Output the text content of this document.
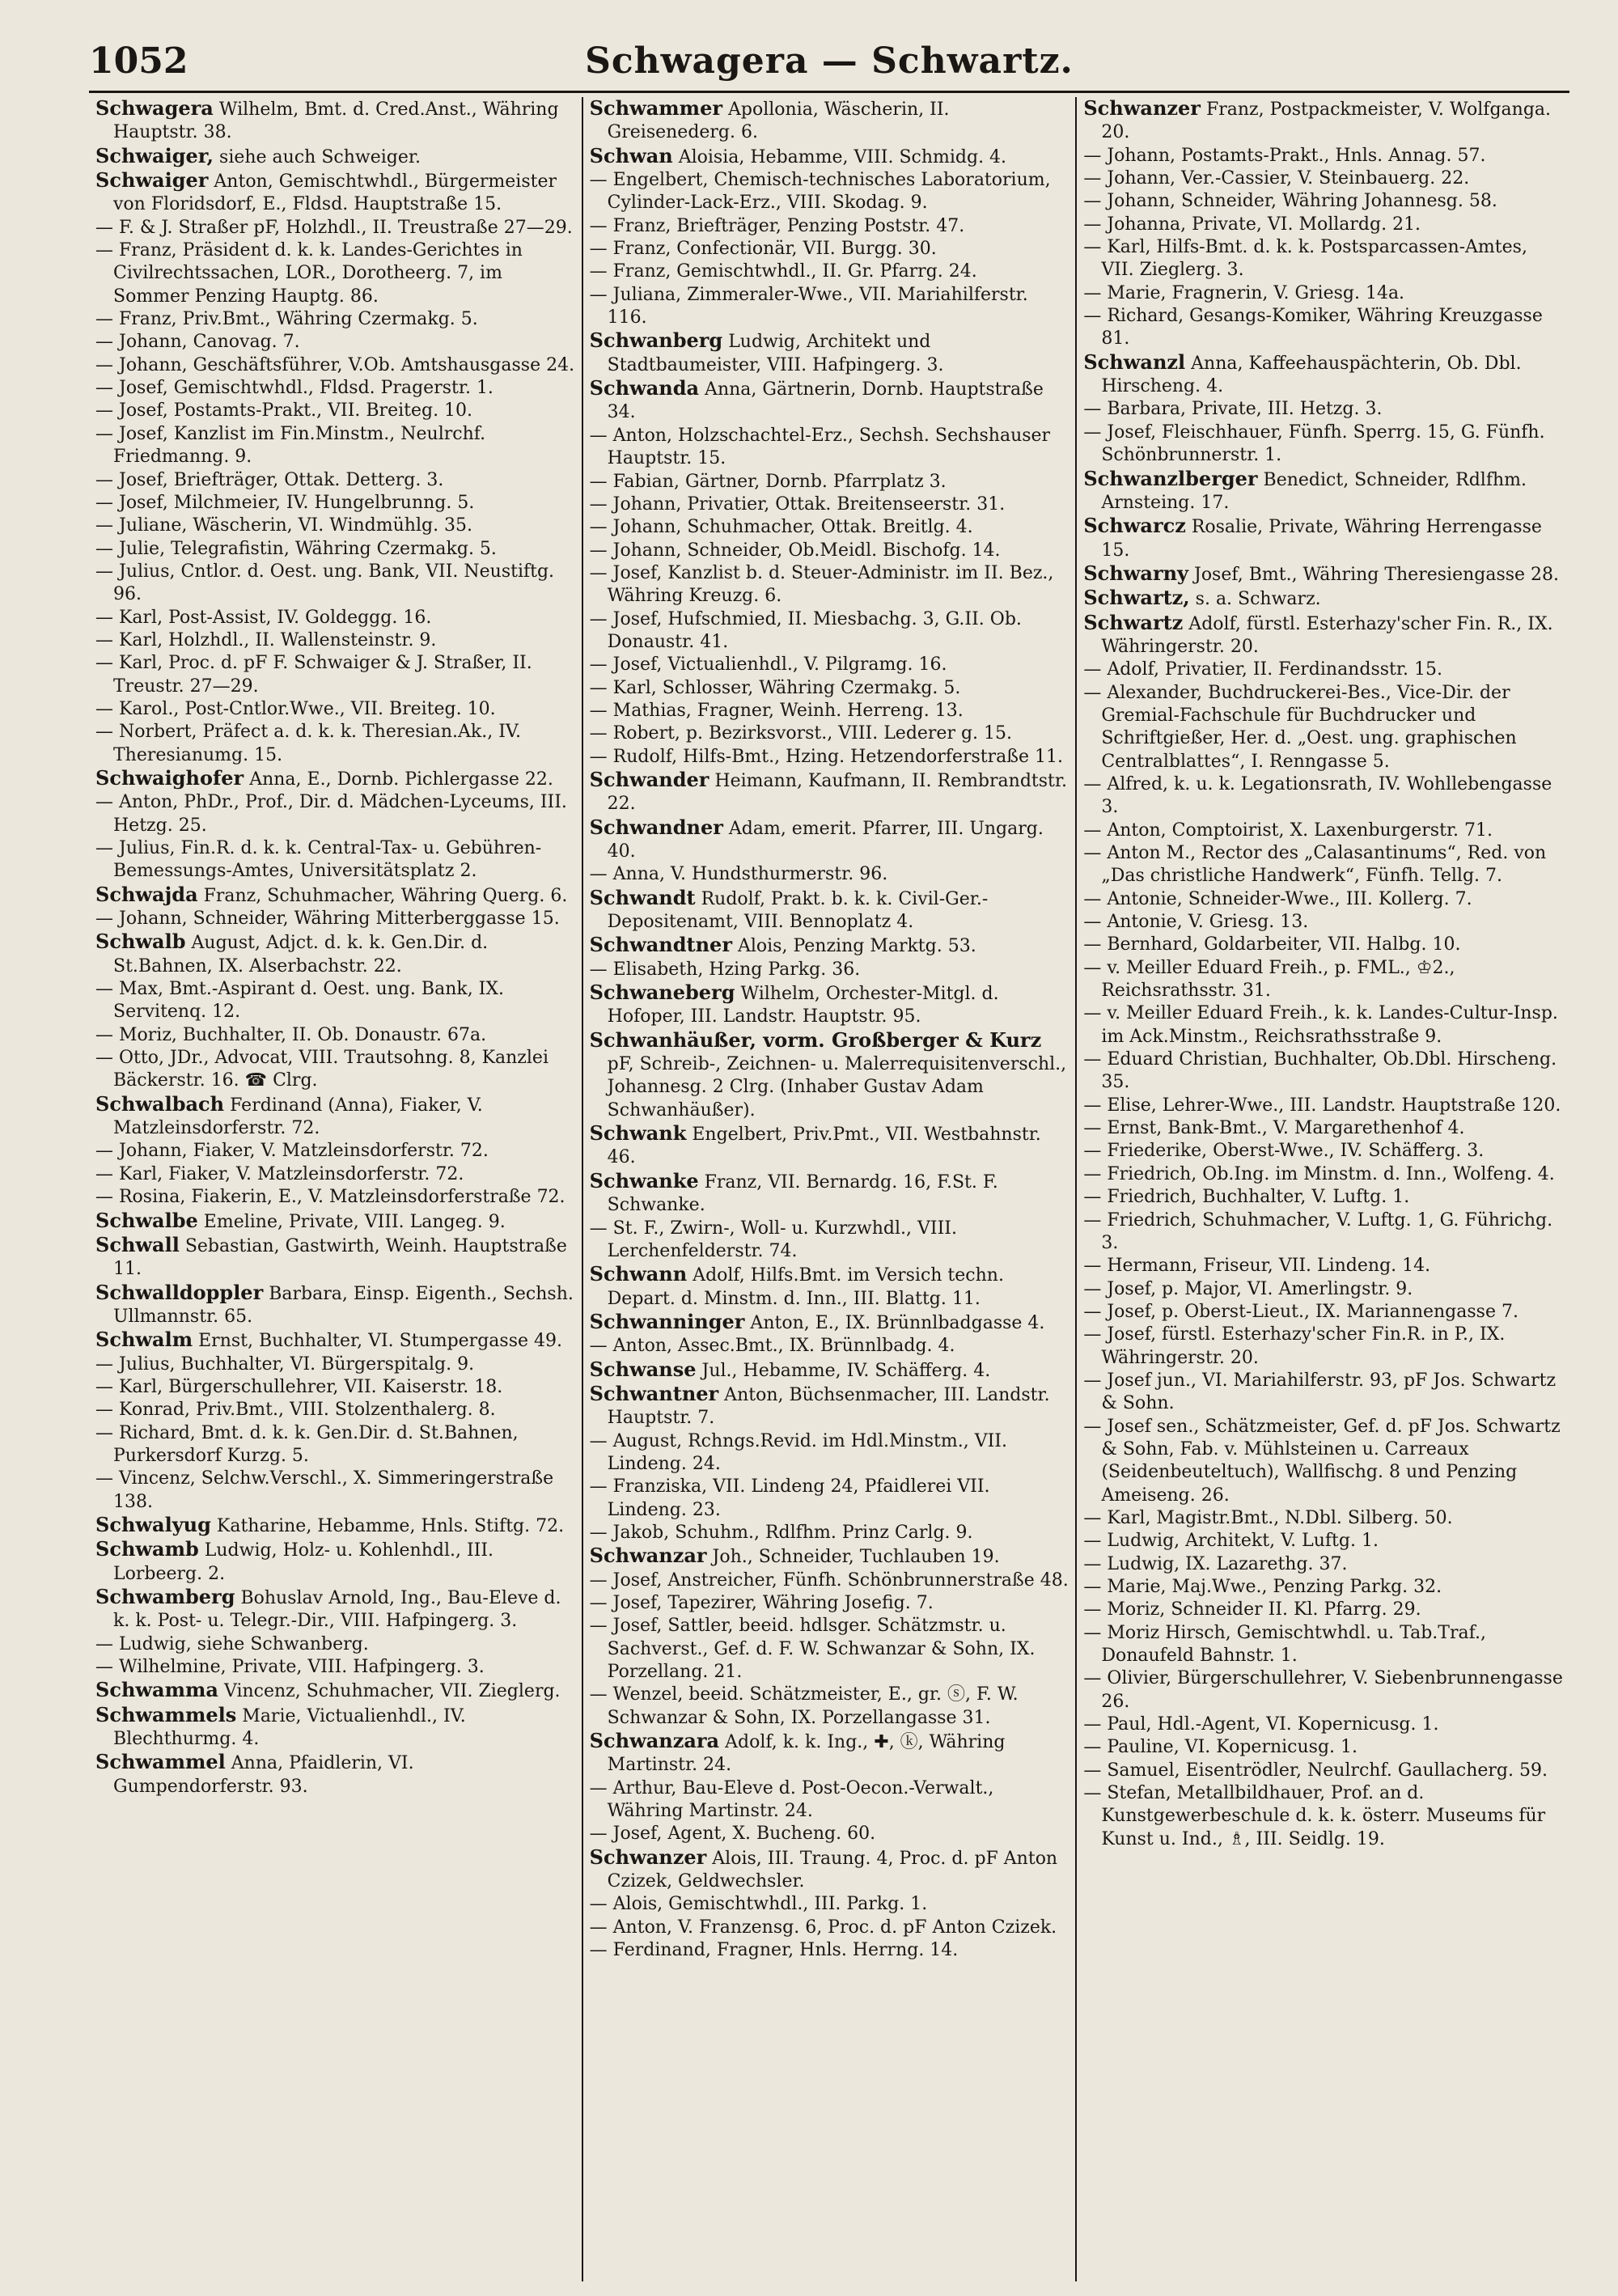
1052	Schwagera — Schwartz.

Schwagera Wilhelm, Bmt. d. Cred.Anst., Währing Hauptstr. 38.

Schwaiger, siehe auch Schweiger.

Schwaiger Anton, Gemischtwhdl., Bürgermeister von Floridsdorf, E., Fldsd. Hauptstraße 15.

— F. & J. Straßer pF, Holzhdl., II. Treustraße 27—29.

— Franz, Präsident d. k. k. Landes-Gerichtes in Civilrechtssachen, LOR., Dorotheerg. 7, im Sommer Penzing Hauptg. 86.

— Franz, Priv.Bmt., Währing Czermakg. 5.

— Johann, Canovag. 7.

— Johann, Geschäftsführer, V.Ob. Amtshausgasse 24.

— Josef, Gemischtwhdl., Fldsd. Pragerstr. 1.

— Josef, Postamts-Prakt., VII. Breiteg. 10.

— Josef, Kanzlist im Fin.Minstm., Neulrchf. Friedmanng. 9.

— Josef, Briefträger, Ottak. Detterg. 3.

— Josef, Milchmeier, IV. Hungelbrunng. 5.

— Juliane, Wäscherin, VI. Windmühlg. 35.

— Julie, Telegrafistin, Währing Czermakg. 5.

— Julius, Cntlor. d. Oest. ung. Bank, VII. Neustiftg. 96.

— Karl, Post-Assist, IV. Goldeggg. 16.

— Karl, Holzhdl., II. Wallensteinstr. 9.

— Karl, Proc. d. pF F. Schwaiger & J. Straßer, II. Treustr. 27—29.

— Karol., Post-Cntlor.Wwe., VII. Breiteg. 10.

— Norbert, Präfect a. d. k. k. Theresian.Ak., IV. Theresianumg. 15.

Schwaighofer Anna, E., Dornb. Pichlergasse 22.

— Anton, PhDr., Prof., Dir. d. Mädchen-Lyceums, III. Hetzg. 25.

— Julius, Fin.R. d. k. k. Central-Tax- u. Gebühren-Bemessungs-Amtes, Universitätsplatz 2.

Schwajda Franz, Schuhmacher, Währing Querg. 6.

— Johann, Schneider, Währing Mitterberggasse 15.

Schwalb August, Adjct. d. k. k. Gen.Dir. d. St.Bahnen, IX. Alserbachstr. 22.

— Max, Bmt.-Aspirant d. Oest. ung. Bank, IX. Servitenq. 12.

— Moriz, Buchhalter, II. Ob. Donaustr. 67a.

— Otto, JDr., Advocat, VIII. Trautsohng. 8, Kanzlei Bäckerstr. 16. ☎ Clrg.

Schwalbach Ferdinand (Anna), Fiaker, V. Matzleinsdorferstr. 72.

— Johann, Fiaker, V. Matzleinsdorferstr. 72.

— Karl, Fiaker, V. Matzleinsdorferstr. 72.

— Rosina, Fiakerin, E., V. Matzleinsdorferstraße 72.

Schwalbe Emeline, Private, VIII. Langeg. 9.

Schwall Sebastian, Gastwirth, Weinh. Hauptstraße 11.

Schwalldoppler Barbara, Einsp. Eigenth., Sechsh. Ullmannstr. 65.

Schwalm Ernst, Buchhalter, VI. Stumpergasse 49.

— Julius, Buchhalter, VI. Bürgerspitalg. 9.

— Karl, Bürgerschullehrer, VII. Kaiserstr. 18.

— Konrad, Priv.Bmt., VIII. Stolzenthalerg. 8.

— Richard, Bmt. d. k. k. Gen.Dir. d. St.Bahnen, Purkersdorf Kurzg. 5.

— Vincenz, Selchw.Verschl., X. Simmeringerstraße 138.

Schwalyug Katharine, Hebamme, Hnls. Stiftg. 72.

Schwamb Ludwig, Holz- u. Kohlenhdl., III. Lorbeerg. 2.

Schwamberg Bohuslav Arnold, Ing., Bau-Eleve d. k. k. Post- u. Telegr.-Dir., VIII. Hafpingerg. 3.

— Ludwig, siehe Schwanberg.

— Wilhelmine, Private, VIII. Hafpingerg. 3.

Schwamma Vincenz, Schuhmacher, VII. Zieglerg.

Schwammels Marie, Victualienhdl., IV. Blechthurmg. 4.

Schwammel Anna, Pfaidlerin, VI. Gumpendorferstr. 93.

Schwammer Apollonia, Wäscherin, II. Greisenederg. 6.

Schwan Aloisia, Hebamme, VIII. Schmidg. 4.

— Engelbert, Chemisch-technisches Laboratorium, Cylinder-Lack-Erz., VIII. Skodag. 9.

— Franz, Briefträger, Penzing Poststr. 47.

— Franz, Confectionär, VII. Burgg. 30.

— Franz, Gemischtwhdl., II. Gr. Pfarrg. 24.

— Juliana, Zimmeraler-Wwe., VII. Mariahilferstr. 116.

Schwanberg Ludwig, Architekt und Stadtbaumeister, VIII. Hafpingerg. 3.

Schwanda Anna, Gärtnerin, Dornb. Hauptstraße 34.

— Anton, Holzschachtel-Erz., Sechsh. Sechshauser Hauptstr. 15.

— Fabian, Gärtner, Dornb. Pfarrplatz 3.

— Johann, Privatier, Ottak. Breitenseerstr. 31.

— Johann, Schuhmacher, Ottak. Breitlg. 4.

— Johann, Schneider, Ob.Meidl. Bischofg. 14.

— Josef, Kanzlist b. d. Steuer-Administr. im II. Bez., Währing Kreuzg. 6.

— Josef, Hufschmied, II. Miesbachg. 3, G.II. Ob. Donaustr. 41.

— Josef, Victualienhdl., V. Pilgramg. 16.

— Karl, Schlosser, Währing Czermakg. 5.

— Mathias, Fragner, Weinh. Herreng. 13.

— Robert, p. Bezirksvorst., VIII. Lederer g. 15.

— Rudolf, Hilfs-Bmt., Hzing. Hetzendorferstraße 11.

Schwander Heimann, Kaufmann, II. Rembrandtstr. 22.

Schwandner Adam, emerit. Pfarrer, III. Ungarg. 40.

— Anna, V. Hundsthurmerstr. 96.

Schwandt Rudolf, Prakt. b. k. k. Civil-Ger.-Depositenamt, VIII. Bennoplatz 4.

Schwandtner Alois, Penzing Marktg. 53.

— Elisabeth, Hzing Parkg. 36.

Schwaneberg Wilhelm, Orchester-Mitgl. d. Hofoper, III. Landstr. Hauptstr. 95.

Schwanhäußer, vorm. Großberger & Kurz pF, Schreib-, Zeichnen- u. Malerrequisitenverschl., Johannesg. 2 Clrg. (Inhaber Gustav Adam Schwanhäußer).

Schwank Engelbert, Priv.Pmt., VII. Westbahnstr. 46.

Schwanke Franz, VII. Bernardg. 16, F.St. F. Schwanke.

— St. F., Zwirn-, Woll- u. Kurzwhdl., VIII. Lerchenfelderstr. 74.

Schwann Adolf, Hilfs.Bmt. im Versich techn. Depart. d. Minstm. d. Inn., III. Blattg. 11.

Schwanninger Anton, E., IX. Brünnlbadgasse 4.

— Anton, Assec.Bmt., IX. Brünnlbadg. 4.

Schwanse Jul., Hebamme, IV. Schäfferg. 4.

Schwantner Anton, Büchsenmacher, III. Landstr. Hauptstr. 7.

— August, Rchngs.Revid. im Hdl.Minstm., VII. Lindeng. 24.

— Franziska, VII. Lindeng 24, Pfaidlerei VII. Lindeng. 23.

— Jakob, Schuhm., Rdlfhm. Prinz Carlg. 9.

Schwanzar Joh., Schneider, Tuchlauben 19.

— Josef, Anstreicher, Fünfh. Schönbrunnerstraße 48.

— Josef, Tapezirer, Währing Josefig. 7.

— Josef, Sattler, beeid. hdlsger. Schätzmstr. u. Sachverst., Gef. d. F. W. Schwanzar & Sohn, IX. Porzellang. 21.

— Wenzel, beeid. Schätzmeister, E., gr. ⓢ, F. W. Schwanzar & Sohn, IX. Porzellangasse 31.

Schwanzara Adolf, k. k. Ing., ✚, ⓚ, Währing Martinstr. 24.

— Arthur, Bau-Eleve d. Post-Oecon.-Verwalt., Währing Martinstr. 24.

— Josef, Agent, X. Bucheng. 60.

Schwanzer Alois, III. Traung. 4, Proc. d. pF Anton Czizek, Geldwechsler.

— Alois, Gemischtwhdl., III. Parkg. 1.

— Anton, V. Franzensg. 6, Proc. d. pF Anton Czizek.

— Ferdinand, Fragner, Hnls. Herrng. 14.

Schwanzer Franz, Postpackmeister, V. Wolfganga. 20.

— Johann, Postamts-Prakt., Hnls. Annag. 57.

— Johann, Ver.-Cassier, V. Steinbauerg. 22.

— Johann, Schneider, Währing Johannesg. 58.

— Johanna, Private, VI. Mollardg. 21.

— Karl, Hilfs-Bmt. d. k. k. Postsparcassen-Amtes, VII. Zieglerg. 3.

— Marie, Fragnerin, V. Griesg. 14a.

— Richard, Gesangs-Komiker, Währing Kreuzgasse 81.

Schwanzl Anna, Kaffeehauspächterin, Ob. Dbl. Hirscheng. 4.

— Barbara, Private, III. Hetzg. 3.

— Josef, Fleischhauer, Fünfh. Sperrg. 15, G. Fünfh. Schönbrunnerstr. 1.

Schwanzlberger Benedict, Schneider, Rdlfhm. Arnsteing. 17.

Schwarcz Rosalie, Private, Währing Herrengasse 15.

Schwarny Josef, Bmt., Währing Theresiengasse 28.

Schwartz, s. a. Schwarz.

Schwartz Adolf, fürstl. Esterhazy'scher Fin. R., IX. Währingerstr. 20.

— Adolf, Privatier, II. Ferdinandsstr. 15.

— Alexander, Buchdruckerei-Bes., Vice-Dir. der Gremial-Fachschule für Buchdrucker und Schriftgießer, Her. d. „Oest. ung. graphischen Centralblattes“, I. Renngasse 5.

— Alfred, k. u. k. Legationsrath, IV. Wohllebengasse 3.

— Anton, Comptoirist, X. Laxenburgerstr. 71.

— Anton M., Rector des „Calasantinums“, Red. von „Das christliche Handwerk“, Fünfh. Tellg. 7.

— Antonie, Schneider-Wwe., III. Kollerg. 7.

— Antonie, V. Griesg. 13.

— Bernhard, Goldarbeiter, VII. Halbg. 10.

— v. Meiller Eduard Freih., p. FML., ♔2., Reichsrathsstr. 31.

— v. Meiller Eduard Freih., k. k. Landes-Cultur-Insp. im Ack.Minstm., Reichsrathsstraße 9.

— Eduard Christian, Buchhalter, Ob.Dbl. Hirscheng. 35.

— Elise, Lehrer-Wwe., III. Landstr. Hauptstraße 120.

— Ernst, Bank-Bmt., V. Margarethenhof 4.

— Friederike, Oberst-Wwe., IV. Schäfferg. 3.

— Friedrich, Ob.Ing. im Minstm. d. Inn., Wolfeng. 4.

— Friedrich, Buchhalter, V. Luftg. 1.

— Friedrich, Schuhmacher, V. Luftg. 1, G. Führichg. 3.

— Hermann, Friseur, VII. Lindeng. 14.

— Josef, p. Major, VI. Amerlingstr. 9.

— Josef, p. Oberst-Lieut., IX. Mariannengasse 7.

— Josef, fürstl. Esterhazy'scher Fin.R. in P., IX. Währingerstr. 20.

— Josef jun., VI. Mariahilferstr. 93, pF Jos. Schwartz & Sohn.

— Josef sen., Schätzmeister, Gef. d. pF Jos. Schwartz & Sohn, Fab. v. Mühlsteinen u. Carreaux (Seidenbeuteltuch), Wallfischg. 8 und Penzing Ameiseng. 26.

— Karl, Magistr.Bmt., N.Dbl. Silberg. 50.

— Ludwig, Architekt, V. Luftg. 1.

— Ludwig, IX. Lazarethg. 37.

— Marie, Maj.Wwe., Penzing Parkg. 32.

— Moriz, Schneider II. Kl. Pfarrg. 29.

— Moriz Hirsch, Gemischtwhdl. u. Tab.Traf., Donaufeld Bahnstr. 1.

— Olivier, Bürgerschullehrer, V. Siebenbrunnengasse 26.

— Paul, Hdl.-Agent, VI. Kopernicusg. 1.

— Pauline, VI. Kopernicusg. 1.

— Samuel, Eisentrödler, Neulrchf. Gaullacherg. 59.

— Stefan, Metallbildhauer, Prof. an d. Kunstgewerbeschule d. k. k. österr. Museums für Kunst u. Ind., ♗, III. Seidlg. 19.
